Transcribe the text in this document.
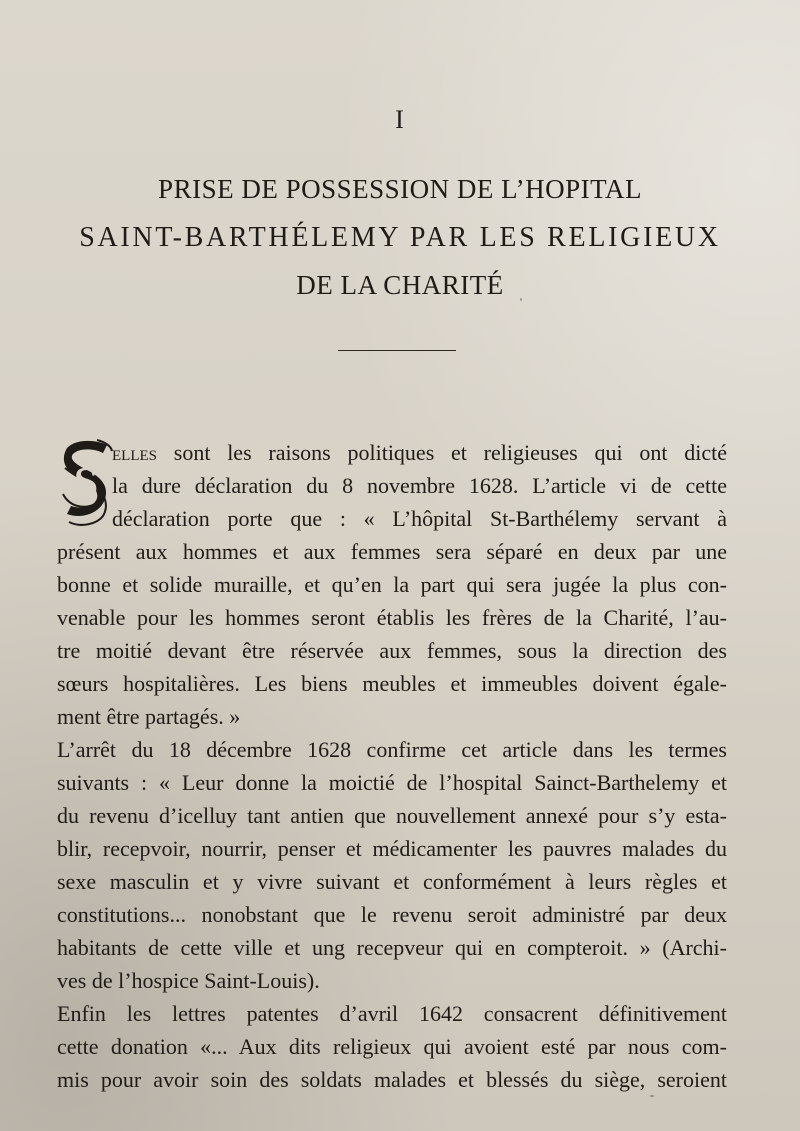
I
PRISE DE POSSESSION DE L’HOPITAL
SAINT-BARTHÉLEMY PAR LES RELIGIEUX
DE LA CHARITÉ
S
elles sont les raisons politiques et religieuses qui ont dicté
la dure déclaration du 8 novembre 1628. L’article vi de cette
déclaration porte que : « L’hôpital St-Barthélemy servant à
présent aux hommes et aux femmes sera séparé en deux par une
bonne et solide muraille, et qu’en la part qui sera jugée la plus con-
venable pour les hommes seront établis les frères de la Charité, l’au-
tre moitié devant être réservée aux femmes, sous la direction des
sœurs hospitalières. Les biens meubles et immeubles doivent égale-
ment être partagés. »
L’arrêt du 18 décembre 1628 confirme cet article dans les termes
suivants : « Leur donne la moictié de l’hospital Sainct-Barthelemy et
du revenu d’icelluy tant antien que nouvellement annexé pour s’y esta-
blir, recepvoir, nourrir, penser et médicamenter les pauvres malades du
sexe masculin et y vivre suivant et conformément à leurs règles et
constitutions... nonobstant que le revenu seroit administré par deux
habitants de cette ville et ung recepveur qui en compteroit. » (Archi-
ves de l’hospice Saint-Louis).
Enfin les lettres patentes d’avril 1642 consacrent définitivement
cette donation «... Aux dits religieux qui avoient esté par nous com-
mis pour avoir soin des soldats malades et blessés du siège, seroient
